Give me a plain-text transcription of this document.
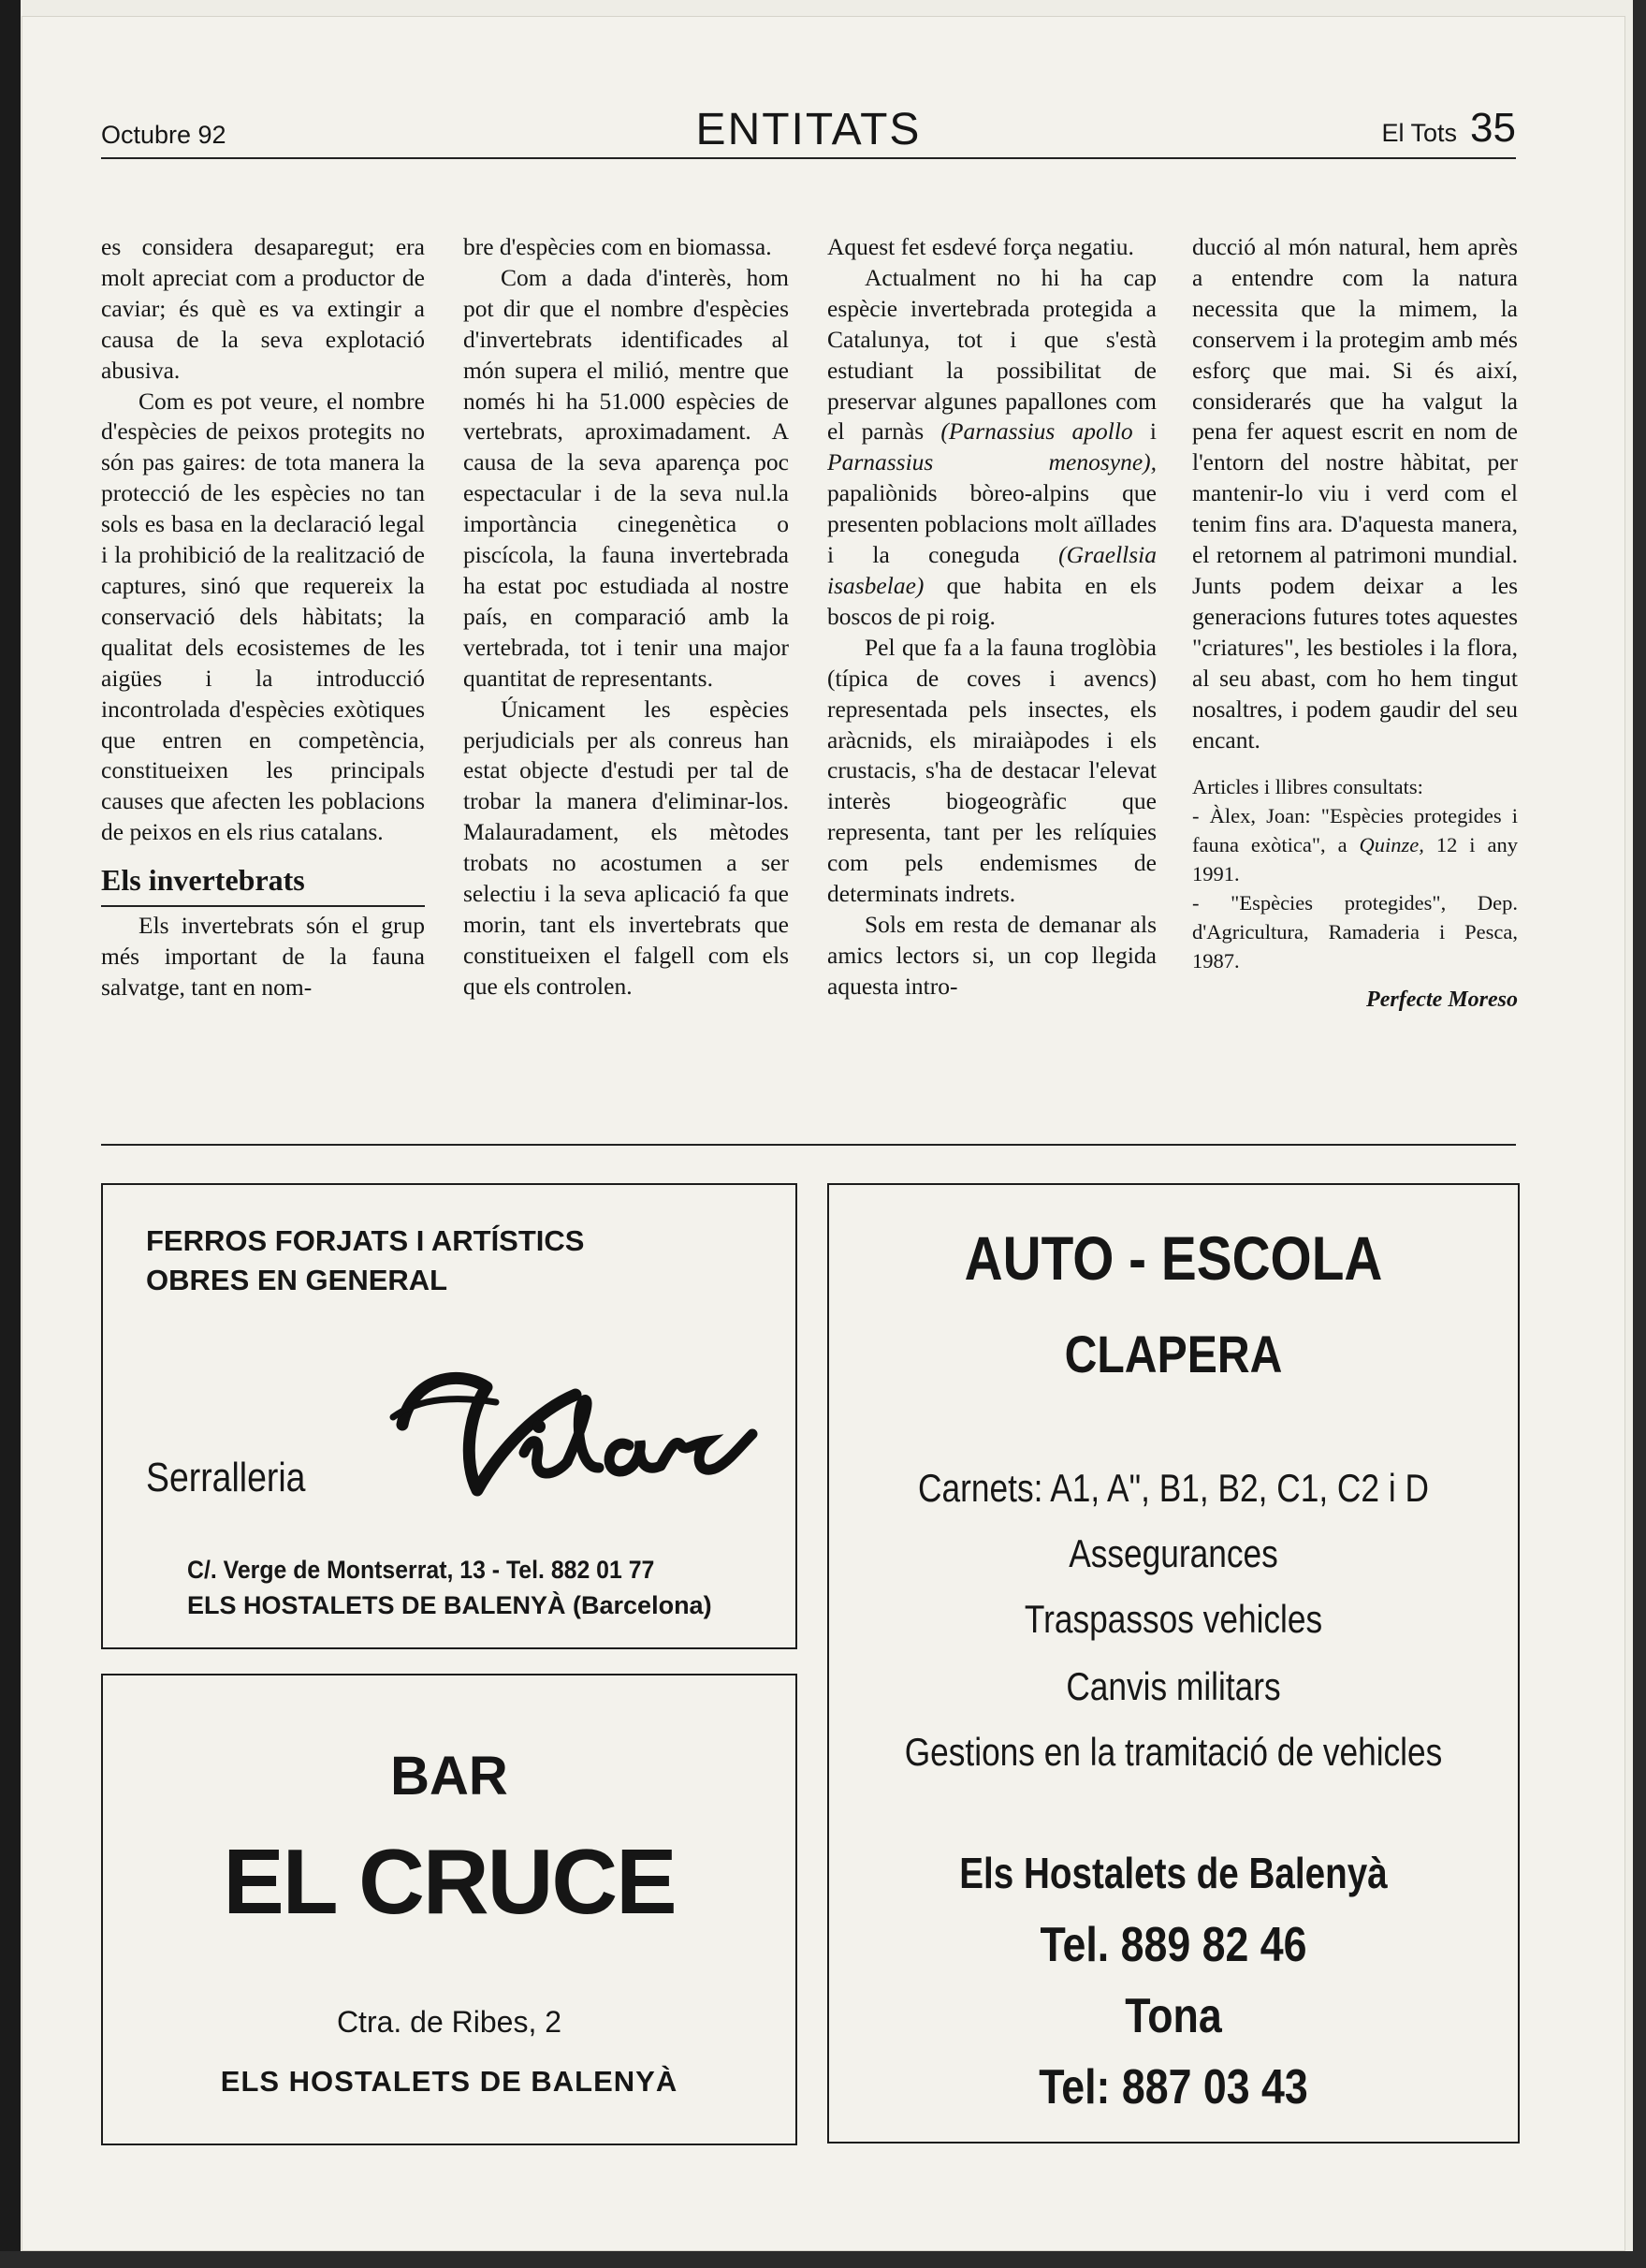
Octubre 92	ENTITATS	El Tots 35

es considera desaparegut; era molt apreciat com a productor de caviar; és què es va extingir a causa de la seva explotació abusiva.

Com es pot veure, el nombre d'espècies de peixos protegits no són pas gaires: de tota manera la protecció de les espècies no tan sols es basa en la declaració legal i la prohibició de la realització de captures, sinó que requereix la conservació dels hàbitats; la qualitat dels ecosistemes de les aigües i la introducció incontrolada d'espècies exòtiques que entren en competència, constitueixen les principals causes que afecten les poblacions de peixos en els rius catalans.

Els invertebrats

Els invertebrats són el grup més important de la fauna salvatge, tant en nom-

bre d'espècies com en biomassa.

Com a dada d'interès, hom pot dir que el nombre d'espècies d'invertebrats identificades al món supera el milió, mentre que només hi ha 51.000 espècies de vertebrats, aproximadament. A causa de la seva aparença poc espectacular i de la seva nul.la importància cinegenètica o piscícola, la fauna invertebrada ha estat poc estudiada al nostre país, en comparació amb la vertebrada, tot i tenir una major quantitat de representants.

Únicament les espècies perjudicials per als conreus han estat objecte d'estudi per tal de trobar la manera d'eliminar-los. Malauradament, els mètodes trobats no acostumen a ser selectiu i la seva aplicació fa que morin, tant els invertebrats que constitueixen el falgell com els que els controlen.

Aquest fet esdevé força negatiu.

Actualment no hi ha cap espècie invertebrada protegida a Catalunya, tot i que s'està estudiant la possibilitat de preservar algunes papallones com el parnàs (Parnassius apollo i Parnassius menosyne), papaliònids bòreo-alpins que presenten poblacions molt aïllades i la coneguda (Graellsia isasbelae) que habita en els boscos de pi roig.

Pel que fa a la fauna troglòbia (típica de coves i avencs) representada pels insectes, els aràcnids, els miraiàpodes i els crustacis, s'ha de destacar l'elevat interès biogeogràfic que representa, tant per les relíquies com pels endemismes de determinats indrets.

Sols em resta de demanar als amics lectors si, un cop llegida aquesta intro-

ducció al món natural, hem après a entendre com la natura necessita que la mimem, la conservem i la protegim amb més esforç que mai. Si és així, considerarés que ha valgut la pena fer aquest escrit en nom de l'entorn del nostre hàbitat, per mantenir-lo viu i verd com el tenim fins ara. D'aquesta manera, el retornem al patrimoni mundial. Junts podem deixar a les generacions futures totes aquestes "criatures", les bestioles i la flora, al seu abast, com ho hem tingut nosaltres, i podem gaudir del seu encant.

Articles i llibres consultats:
- Àlex, Joan: "Espècies protegides i fauna exòtica", a Quinze, 12 i any 1991.
- "Espècies protegides", Dep. d'Agricultura, Ramaderia i Pesca, 1987.
Perfecte Moreso
FERROS FORJATS I ARTÍSTICS
OBRES EN GENERAL
Serralleria
C/. Verge de Montserrat, 13 - Tel. 882 01 77
ELS HOSTALETS DE BALENYÀ (Barcelona)
BAR
EL CRUCE
Ctra. de Ribes, 2
ELS HOSTALETS DE BALENYÀ
AUTO - ESCOLA
CLAPERA
Carnets: A1, A", B1, B2, C1, C2 i D
Assegurances
Traspassos vehicles
Canvis militars
Gestions en la tramitació de vehicles
Els Hostalets de Balenyà
Tel. 889 82 46
Tona
Tel: 887 03 43
